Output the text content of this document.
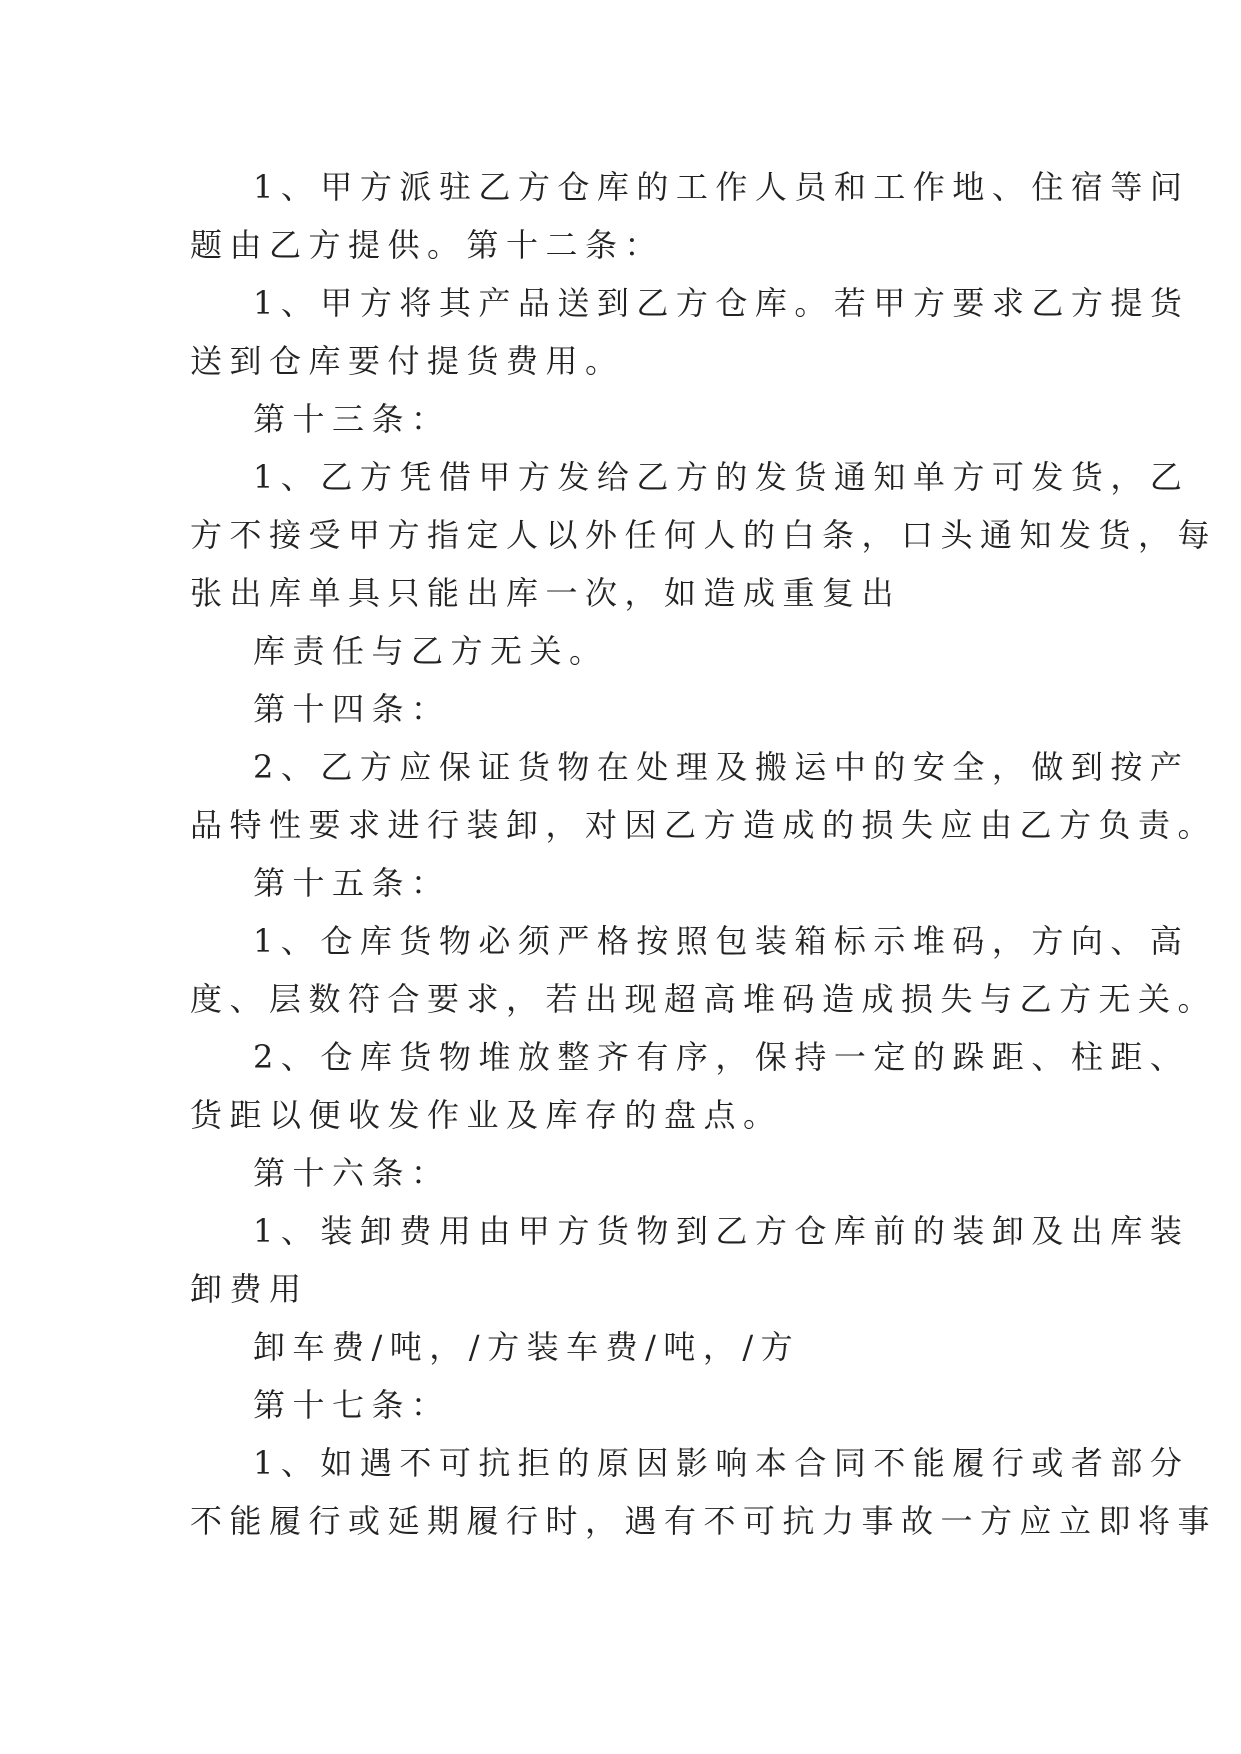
1、甲方派驻乙方仓库的工作人员和工作地、住宿等问
题由乙方提供。第十二条：
1、甲方将其产品送到乙方仓库。若甲方要求乙方提货
送到仓库要付提货费用。
第十三条：
1、乙方凭借甲方发给乙方的发货通知单方可发货，乙
方不接受甲方指定人以外任何人的白条，口头通知发货，每
张出库单具只能出库一次，如造成重复出
库责任与乙方无关。
第十四条：
2、乙方应保证货物在处理及搬运中的安全，做到按产
品特性要求进行装卸，对因乙方造成的损失应由乙方负责。
第十五条：
1、仓库货物必须严格按照包装箱标示堆码，方向、高
度、层数符合要求，若出现超高堆码造成损失与乙方无关。
2、仓库货物堆放整齐有序，保持一定的跺距、柱距、
货距以便收发作业及库存的盘点。
第十六条：
1、装卸费用由甲方货物到乙方仓库前的装卸及出库装
卸费用
卸车费/吨，/方装车费/吨，/方
第十七条：
1、如遇不可抗拒的原因影响本合同不能履行或者部分
不能履行或延期履行时，遇有不可抗力事故一方应立即将事
